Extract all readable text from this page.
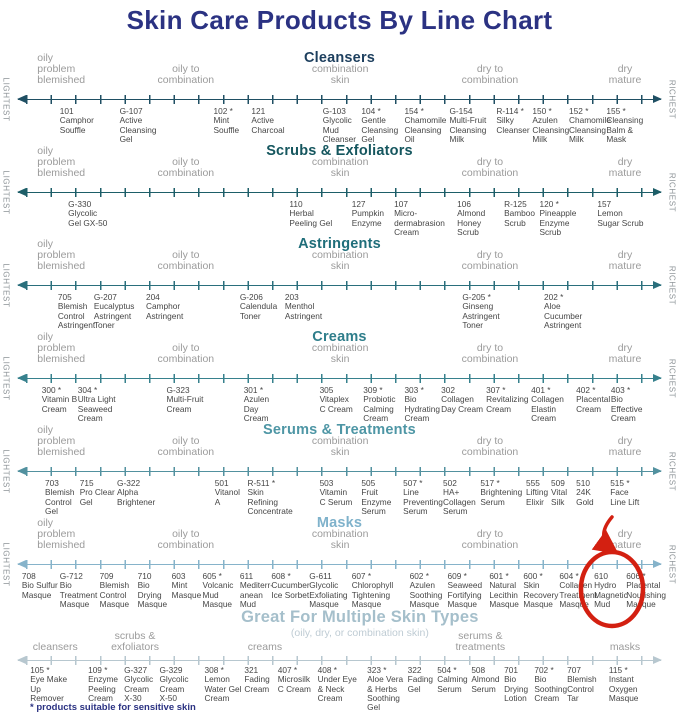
Skin Care Products By Line Chart
Cleansers
oily
problem
blemished
oily to
combination
combination
skin
dry to
combination
dry
mature
LIGHTEST	RICHEST
101
Camphor
Souffle
G-107
Active
Cleansing
Gel
102 *
Mint
Souffle
121
Active
Charcoal
G-103
Glycolic
Mud
Cleanser
104 *
Gentle
Cleansing
Gel
154 *
Chamomile
Cleansing
Oil
G-154
Multi-Fruit
Cleansing
Milk
R-114 *
Silky
Cleanser
150 *
Azulen
Cleansing
Milk
152 *
Chamomile
Cleansing
Milk
155 *
Cleansing
Balm &
Mask
Scrubs & Exfoliators
oily
problem
blemished
oily to
combination
combination
skin
dry to
combination
dry
mature
LIGHTEST	RICHEST
G-330
Glycolic
Gel GX-50
110
Herbal
Peeling Gel
127
Pumpkin
Enzyme
107
Micro-
dermabrasion
Cream
106
Almond
Honey
Scrub
R-125
Bamboo
Scrub
120 *
Pineapple
Enzyme
Scrub
157
Lemon
Sugar Scrub
Astringents
oily
problem
blemished
oily to
combination
combination
skin
dry to
combination
dry
mature
LIGHTEST	RICHEST
705
Blemish
Control
Astringent
G-207
Eucalyptus
Astringent
Toner
204
Camphor
Astringent
G-206
Calendula
Toner
203
Menthol
Astringent
G-205 *
Ginseng
Astringent
Toner
202 *
Aloe
Cucumber
Astringent
Creams
oily
problem
blemished
oily to
combination
combination
skin
dry to
combination
dry
mature
LIGHTEST	RICHEST
300 *
Vitamin B
Cream
304 *
Ultra Light
Seaweed
Cream
G-323
Multi-Fruit
Cream
301 *
Azulen
Day
Cream
305
Vitaplex
C Cream
309 *
Probiotic
Calming
Cream
303 *
Bio
Hydrating
Cream
302
Collagen
Day Cream
307 *
Revitalizing
Cream
401 *
Collagen
Elastin
Cream
402 *
Placental
Cream
403 *
Bio
Effective
Cream
Serums & Treatments
oily
problem
blemished
oily to
combination
combination
skin
dry to
combination
dry
mature
LIGHTEST	RICHEST
703
Blemish
Control
Gel
715
Pro Clear
Gel
G-322
Alpha
Brightener
501
Vitanol
A
R-511 *
Skin
Refining
Concentrate
503
Vitamin
C Serum
505
Fruit
Enzyme
Serum
507 *
Line
Preventing
Serum
502
HA+
Collagen
Serum
517 *
Brightening
Serum
555
Lifting
Elixir
509
Vital
Silk
510
24K
Gold
515 *
Face
Line Lift
Masks
oily
problem
blemished
oily to
combination
combination
skin
dry to
combination
dry
mature
LIGHTEST	RICHEST
708
Bio Sulfur
Masque
G-712
Bio
Treatment
Masque
709
Blemish
Control
Masque
710
Bio
Drying
Masque
603
Mint
Masque
605 *
Volcanic
Mud
Masque
611
Mediterr-
anean
Mud
608 *
Cucumber
Ice Sorbet
G-611
Glycolic
Exfoliating
Masque
607 *
Chlorophyll
Tightening
Masque
602 *
Azulen
Soothing
Masque
609 *
Seaweed
Fortifying
Masque
601 *
Natural
Lecithin
Masque
600 *
Skin
Recovery
Masque
604 *
Collagen
Treatment
Masque
610
Hydro
Magnetic
Mud
606 *
Placental
Nourishing
Masque
Great For Multiple Skin Types
(oily, dry, or combination skin)
cleansers
scrubs &
exfoliators	creams
serums &
treatments	masks
105 *
Eye Make
Up
Remover
109 *
Enzyme
Peeling
Cream
G-327
Glycolic
Cream
X-30
G-329
Glycolic
Cream
X-50
308 *
Lemon
Water Gel
Cream
321
Fading
Cream
407 *
Microsilk
C Cream
408 *
Under Eye
& Neck
Cream
323 *
Aloe Vera
& Herbs
Soothing
Gel
322
Fading
Gel
504 *
Calming
Serum
508
Almond
Serum
701
Bio
Drying
Lotion
702 *
Bio
Soothing
Cream
707
Blemish
Control
Tar
115 *
Instant
Oxygen
Masque
* products suitable for sensitive skin
